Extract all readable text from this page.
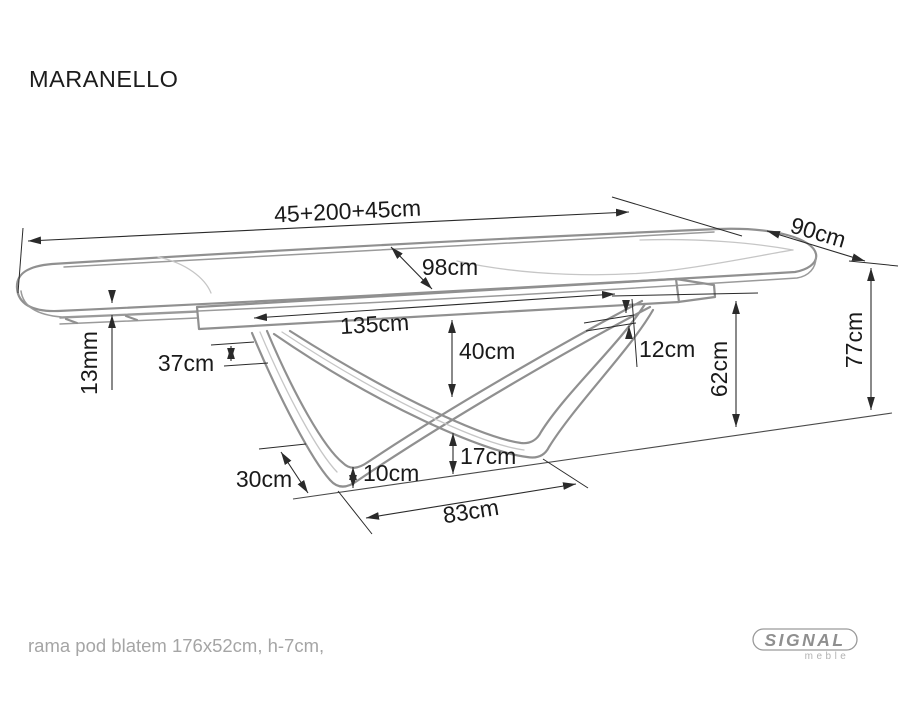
MARANELLO
45+200+45cm
90cm
98cm
135cm
13mm 37cm	40cm	12cm 62cm
77cm
30cm	10cm
17cm
83cm
rama pod blatem 176x52cm, h-7cm,	SIGNAL
meble
